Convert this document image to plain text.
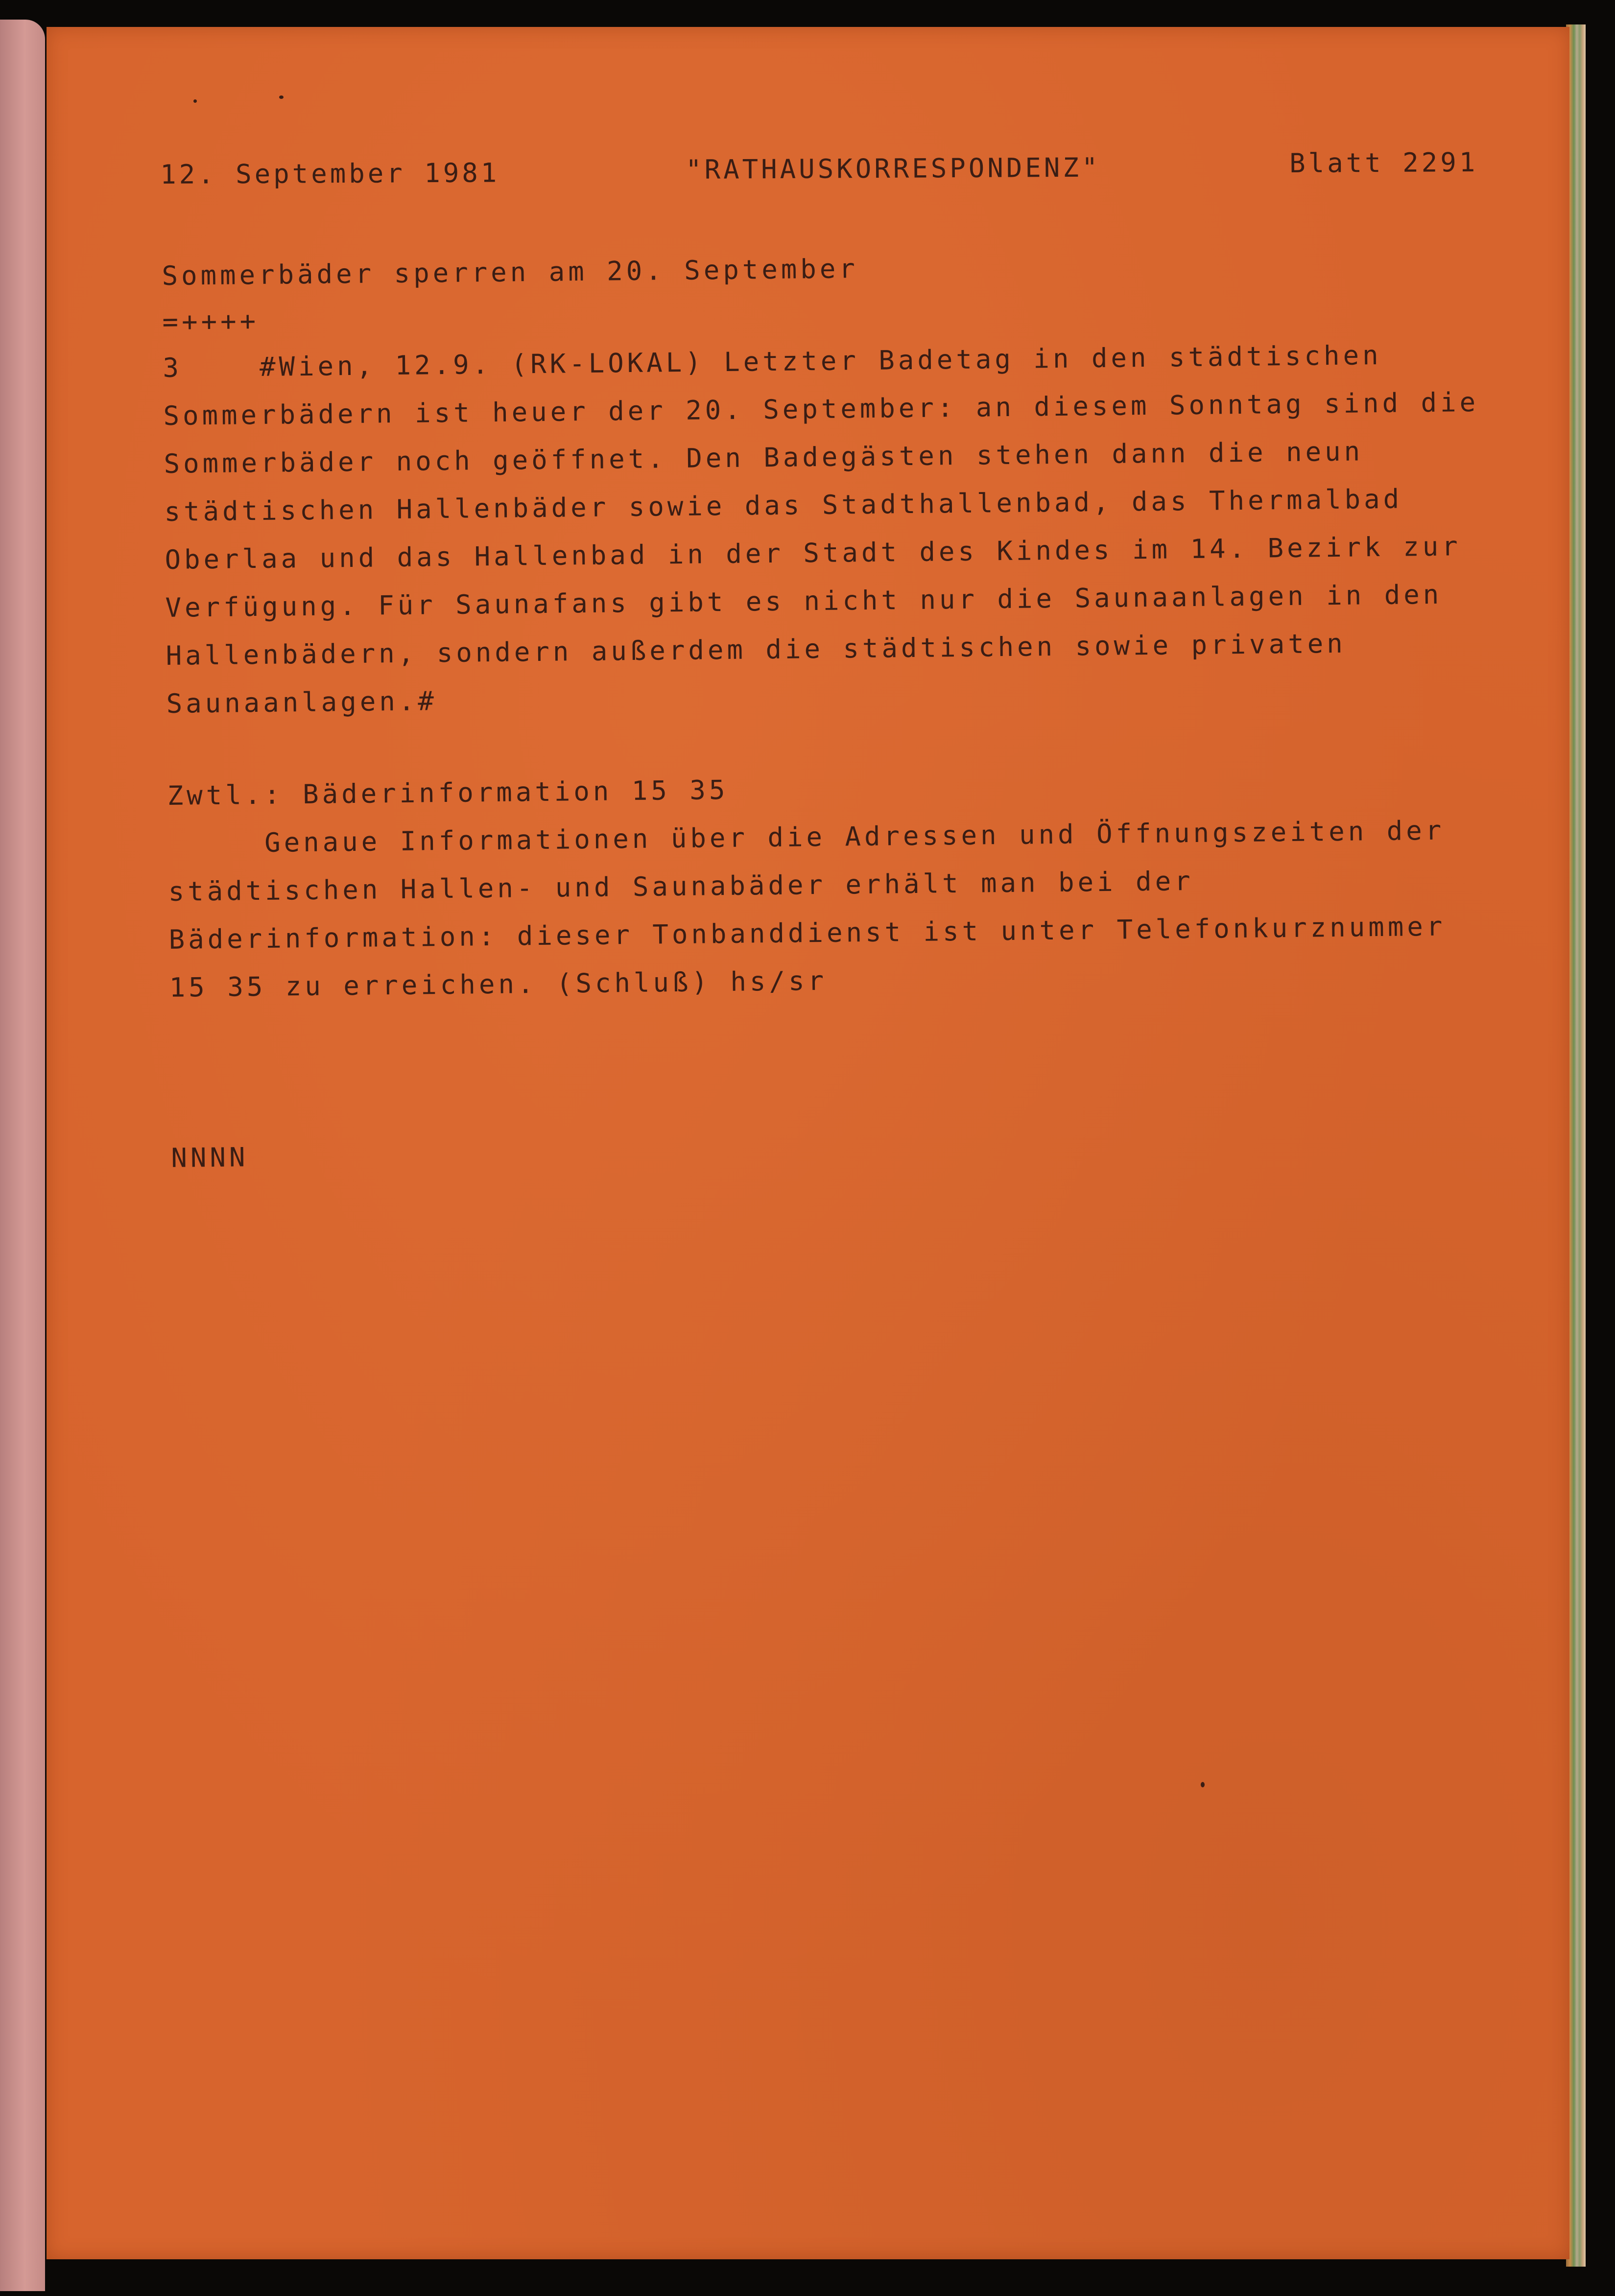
12. September 1981	"RATHAUSKORRESPONDENZ"	Blatt 2291
Sommerbäder sperren am 20. September
=++++
3    #Wien, 12.9. (RK-LOKAL) Letzter Badetag in den städtischen
Sommerbädern ist heuer der 20. September: an diesem Sonntag sind die
Sommerbäder noch geöffnet. Den Badegästen stehen dann die neun
städtischen Hallenbäder sowie das Stadthallenbad, das Thermalbad
Oberlaa und das Hallenbad in der Stadt des Kindes im 14. Bezirk zur
Verfügung. Für Saunafans gibt es nicht nur die Saunaanlagen in den
Hallenbädern, sondern außerdem die städtischen sowie privaten
Saunaanlagen.#
Zwtl.: Bäderinformation 15 35
Genaue Informationen über die Adressen und Öffnungszeiten der
städtischen Hallen- und Saunabäder erhält man bei der
Bäderinformation: dieser Tonbanddienst ist unter Telefonkurznummer
15 35 zu erreichen. (Schluß) hs/sr
NNNN
